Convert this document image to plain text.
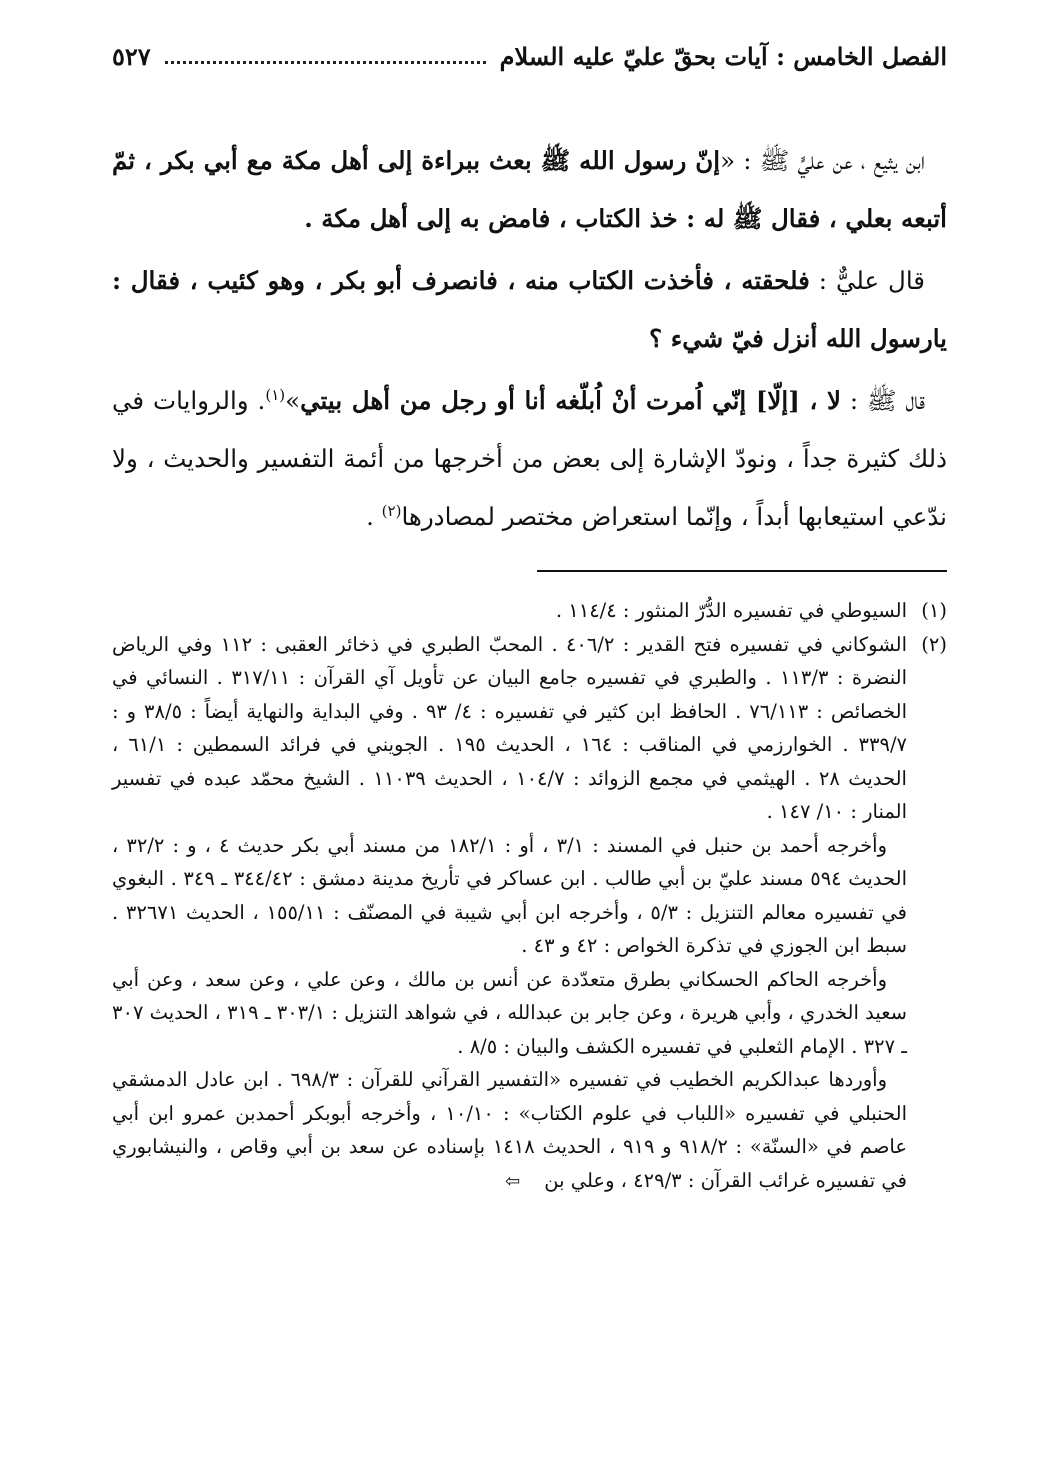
الفصل الخامس : آيات بحقّ عليّ عليه السلام
٥٢٧

ابن يثيع ، عن عليٍّ ﷺ : «إنّ رسول الله ﷺ بعث ببراءة إلى أهل مكة مع أبي بكر ، ثمّ أتبعه بعلي ، فقال ﷺ له : خذ الكتاب ، فامض به إلى أهل مكة .

قال عليٌّ : فلحقته ، فأخذت الكتاب منه ، فانصرف أبو بكر ، وهو كئيب ، فقال : يارسول الله أنزل فيّ شيء ؟

قال ﷺ : لا ، [إلّا] إنّي اُمرت أنْ اُبلّغه أنا أو رجل من أهل بيتي»$^{(١)}$. والروايات في ذلك كثيرة جداً ، ونودّ الإشارة إلى بعض من أخرجها من أئمة التفسير والحديث ، ولا ندّعي استيعابها أبداً ، وإنّما استعراض مختصر لمصادرها$^{(٢)}$ .

(١)

السيوطي في تفسيره الدُّرّ المنثور : ١١٤/٤ .

(٢)

الشوكاني في تفسيره فتح القدير : ٤٠٦/٢ . المحبّ الطبري في ذخائر العقبى : ١١٢ وفي الرياض النضرة : ١١٣/٣ . والطبري في تفسيره جامع البيان عن تأويل آي القرآن : ٣١٧/١١ . النسائي في الخصائص : ٧٦/١١٣ . الحافظ ابن كثير في تفسيره : ٤/ ٩٣ . وفي البداية والنهاية أيضاً : ٣٨/٥ و : ٣٣٩/٧ . الخوارزمي في المناقب : ١٦٤ ، الحديث ١٩٥ . الجويني في فرائد السمطين : ٦١/١ ، الحديث ٢٨ . الهيثمي في مجمع الزوائد : ١٠٤/٧ ، الحديث ١١٠٣٩ . الشيخ محمّد عبده في تفسير المنار : ١٠/ ١٤٧ .

وأخرجه أحمد بن حنبل في المسند : ٣/١ ، أو : ١٨٢/١ من مسند أبي بكر حديث ٤ ، و : ٣٢/٢ ، الحديث ٥٩٤ مسند عليّ بن أبي طالب . ابن عساكر في تأريخ مدينة دمشق : ٣٤٤/٤٢ ـ ٣٤٩ . البغوي في تفسيره معالم التنزيل : ٥/٣ ، وأخرجه ابن أبي شيبة في المصنّف : ١٥٥/١١ ، الحديث ٣٢٦٧١ . سبط ابن الجوزي في تذكرة الخواص : ٤٢ و ٤٣ .

وأخرجه الحاكم الحسكاني بطرق متعدّدة عن أنس بن مالك ، وعن علي ، وعن سعد ، وعن أبي سعيد الخدري ، وأبي هريرة ، وعن جابر بن عبدالله ، في شواهد التنزيل : ٣٠٣/١ ـ ٣١٩ ، الحديث ٣٠٧ ـ ٣٢٧ . الإمام الثعلبي في تفسيره الكشف والبيان : ٨/٥ .

وأوردها عبدالكريم الخطيب في تفسيره «التفسير القرآني للقرآن : ٦٩٨/٣ . ابن عادل الدمشقي الحنبلي في تفسيره «اللباب في علوم الكتاب» : ١٠/١٠ ، وأخرجه أبوبكر أحمدبن عمرو ابن أبي عاصم في «السنّة» : ٩١٨/٢ و ٩١٩ ، الحديث ١٤١٨ بإسناده عن سعد بن أبي وقاص ، والنيشابوري في تفسيره غرائب القرآن : ٤٢٩/٣ ، وعلي بن⇦
